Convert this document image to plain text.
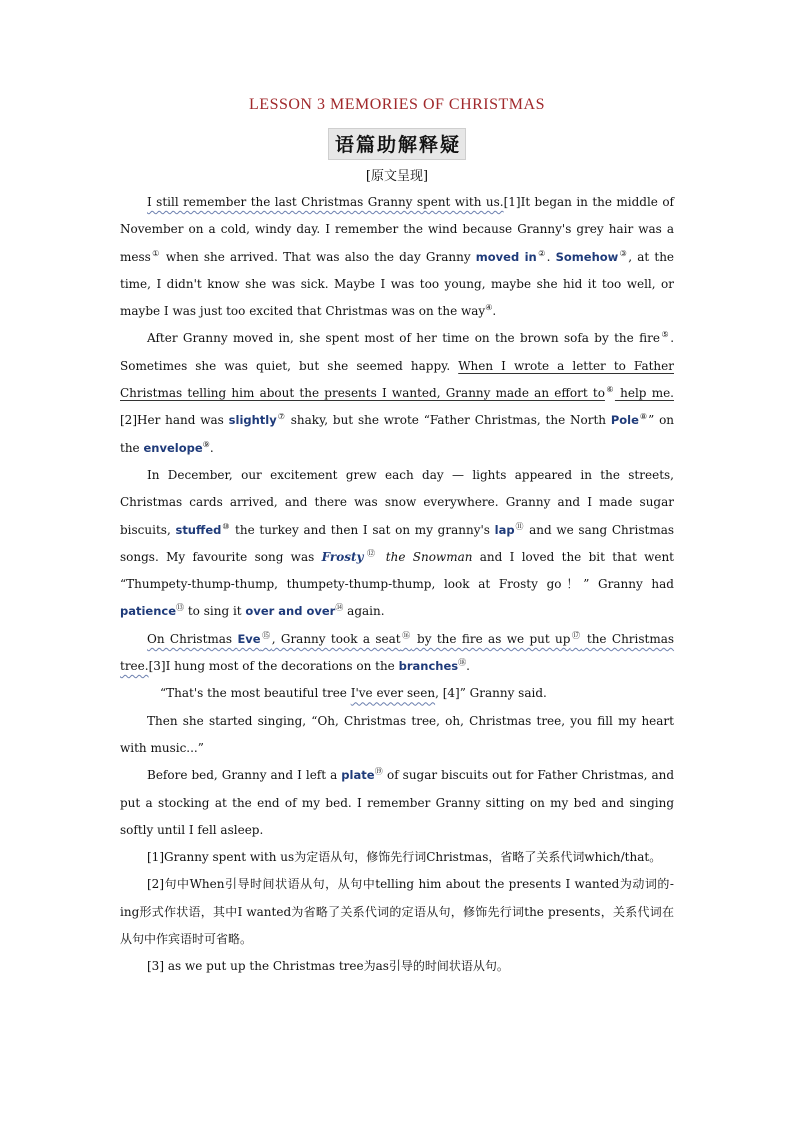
LESSON 3 MEMORIES OF CHRISTMAS
语篇助解释疑
[原文呈现]

I still remember the last Christmas Granny spent with us.[1]It began in the middle of November on a cold, windy day. I remember the wind because Granny's grey hair was a mess① when she arrived. That was also the day Granny moved in②. Somehow③, at the time, I didn't know she was sick. Maybe I was too young, maybe she hid it too well, or maybe I was just too excited that Christmas was on the way④.

After Granny moved in, she spent most of her time on the brown sofa by the fire⑤. Sometimes she was quiet, but she seemed happy. When I wrote a letter to Father Christmas telling him about the presents I wanted, Granny made an effort to⑥ help me.[2]Her hand was slightly⑦ shaky, but she wrote “Father Christmas, the North Pole⑧” on the envelope⑨.

In December, our excitement grew each day — lights appeared in the streets, Christmas cards arrived, and there was snow everywhere. Granny and I made sugar biscuits, stuffed⑩ the turkey and then I sat on my granny's lap⑪ and we sang Christmas songs. My favourite song was Frosty⑫ the Snowman and I loved the bit that went “Thumpety-thump-thump, thumpety-thump-thump, look at Frosty go！” Granny had patience⑬ to sing it over and over⑭ again.

On Christmas Eve⑮, Granny took a seat⑯ by the fire as we put up⑰ the Christmas tree.[3]I hung most of the decorations on the branches⑱.

“That's the most beautiful tree I've ever seen, [4]” Granny said.

Then she started singing, “Oh, Christmas tree, oh, Christmas tree, you fill my heart with music...”

Before bed, Granny and I left a plate⑲ of sugar biscuits out for Father Christmas, and put a stocking at the end of my bed. I remember Granny sitting on my bed and singing softly until I fell asleep.

[1]Granny spent with us为定语从句，修饰先行词Christmas，省略了关系代词which/that。

[2]句中When引导时间状语从句，从句中telling him about the presents I wanted为动词的-ing形式作状语，其中I wanted为省略了关系代词的定语从句，修饰先行词the presents，关系代词在从句中作宾语时可省略。

[3] as we put up the Christmas tree为as引导的时间状语从句。
